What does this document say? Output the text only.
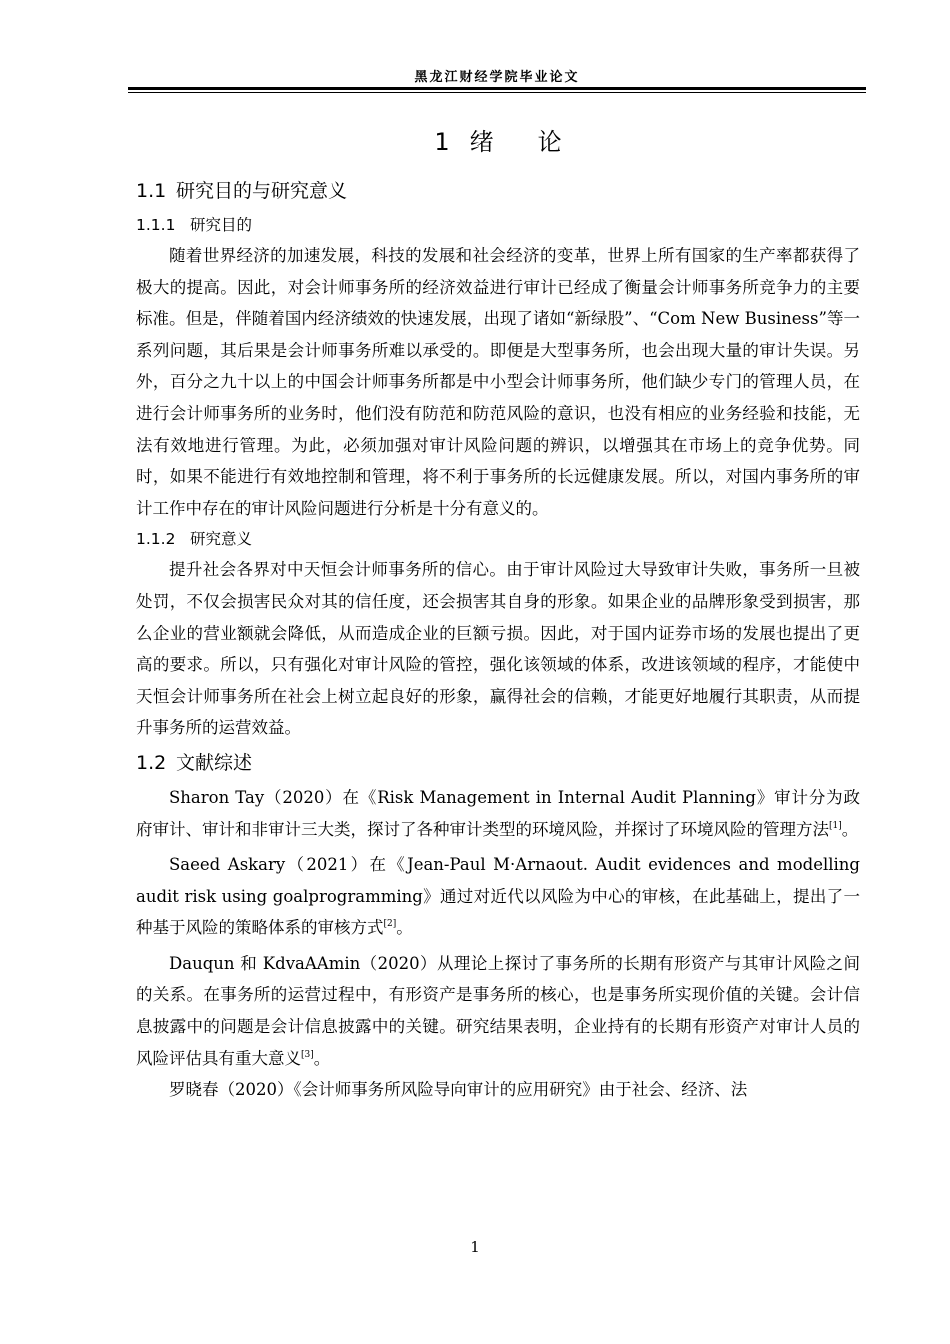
黑龙江财经学院毕业论文
1 绪 论
1.1 研究目的与研究意义
1.1.1 研究目的

随着世界经济的加速发展，科技的发展和社会经济的变革，世界上所有国家的生产率都获得了极大的提高。因此，对会计师事务所的经济效益进行审计已经成了衡量会计师事务所竞争力的主要标准。但是，伴随着国内经济绩效的快速发展，出现了诸如“新绿股”、“Com New Business”等一系列问题，其后果是会计师事务所难以承受的。即便是大型事务所，也会出现大量的审计失误。另外，百分之九十以上的中国会计师事务所都是中小型会计师事务所，他们缺少专门的管理人员，在进行会计师事务所的业务时，他们没有防范和防范风险的意识，也没有相应的业务经验和技能，无法有效地进行管理。为此，必须加强对审计风险问题的辨识，以增强其在市场上的竞争优势。同时，如果不能进行有效地控制和管理，将不利于事务所的长远健康发展。所以，对国内事务所的审计工作中存在的审计风险问题进行分析是十分有意义的。

1.1.2 研究意义

提升社会各界对中天恒会计师事务所的信心。由于审计风险过大导致审计失败，事务所一旦被处罚，不仅会损害民众对其的信任度，还会损害其自身的形象。如果企业的品牌形象受到损害，那么企业的营业额就会降低，从而造成企业的巨额亏损。因此，对于国内证券市场的发展也提出了更高的要求。所以，只有强化对审计风险的管控，强化该领域的体系，改进该领域的程序，才能使中天恒会计师事务所在社会上树立起良好的形象，赢得社会的信赖，才能更好地履行其职责，从而提升事务所的运营效益。

1.2 文献综述

Sharon Tay（2020）在《Risk Management in Internal Audit Planning》审计分为政府审计、审计和非审计三大类，探讨了各种审计类型的环境风险，并探讨了环境风险的管理方法[1]。

Saeed Askary（2021）在《Jean-Paul M·Arnaout. Audit evidences and modelling audit risk using goalprogramming》通过对近代以风险为中心的审核，在此基础上，提出了一种基于风险的策略体系的审核方式[2]。

Dauqun 和 KdvaAAmin（2020）从理论上探讨了事务所的长期有形资产与其审计风险之间的关系。在事务所的运营过程中，有形资产是事务所的核心，也是事务所实现价值的关键。会计信息披露中的问题是会计信息披露中的关键。研究结果表明，企业持有的长期有形资产对审计人员的风险评估具有重大意义[3]。

罗晓春（2020）《会计师事务所风险导向审计的应用研究》由于社会、经济、法

1
